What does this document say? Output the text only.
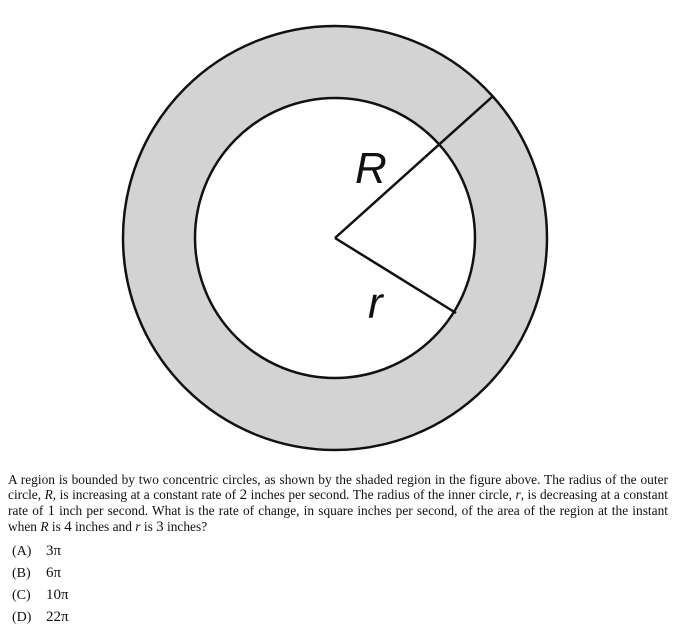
R
r

A region is bounded by two concentric circles, as shown by the shaded region in the figure above. The radius of the outer circle, R, is increasing at a constant rate of 2 inches per second. The radius of the inner circle, r, is decreasing at a constant rate of 1 inch per second. What is the rate of change, in square inches per second, of the area of the region at the instant when R is 4 inches and r is 3 inches?

(A) 3π
(B) 6π
(C) 10π
(D) 22π
